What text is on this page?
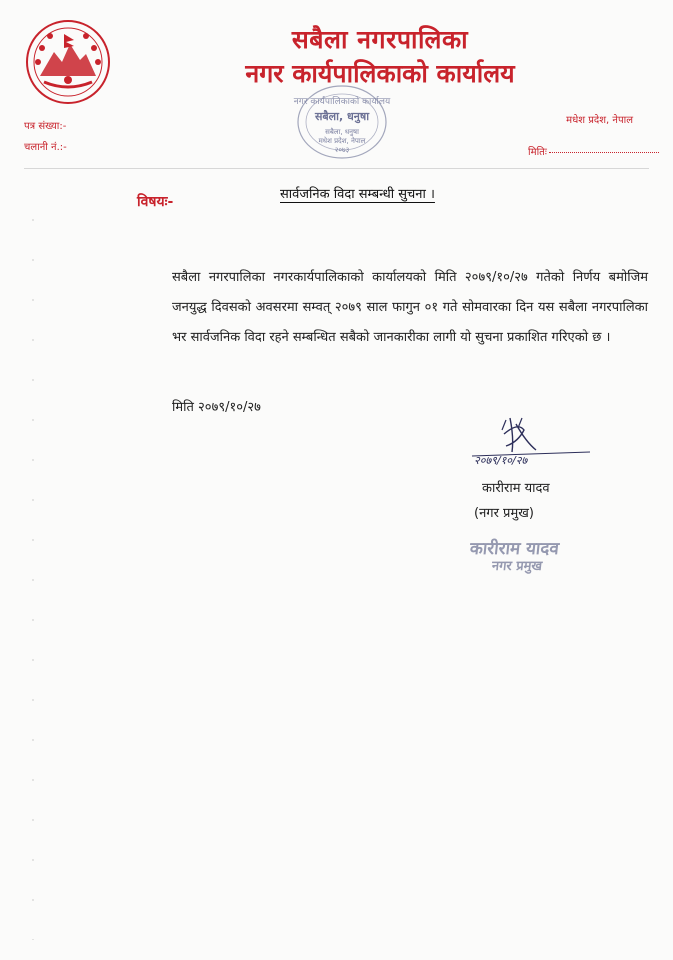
सबैला नगरपालिका
नगर कार्यपालिकाको कार्यालय
पत्र संख्या:-
चलानी नं.:-
मधेश प्रदेश, नेपाल
मितिः
नगर कार्यपालिकाको कार्यालय
सबैला, धनुषा
सबैला, धनुषा
मधेश प्रदेश, नेपाल
२०७३
विषयः-	सार्वजनिक विदा सम्बन्धी सुचना ।
सबैला नगरपालिका नगरकार्यपालिकाको कार्यालयको मिति २०७९/१०/२७ गतेको निर्णय बमोजिम जनयुद्ध दिवसको अवसरमा सम्वत् २०७९ साल फागुन ०१ गते सोमवारका दिन यस सबैला नगरपालिका भर सार्वजनिक विदा रहने सम्बन्धित सबैको जानकारीका लागी यो सुचना प्रकाशित गरिएको छ ।
मिति २०७९/१०/२७
२०७९/१०/२७
कारीराम यादव
(नगर प्रमुख)
कारीराम यादव
नगर प्रमुख
